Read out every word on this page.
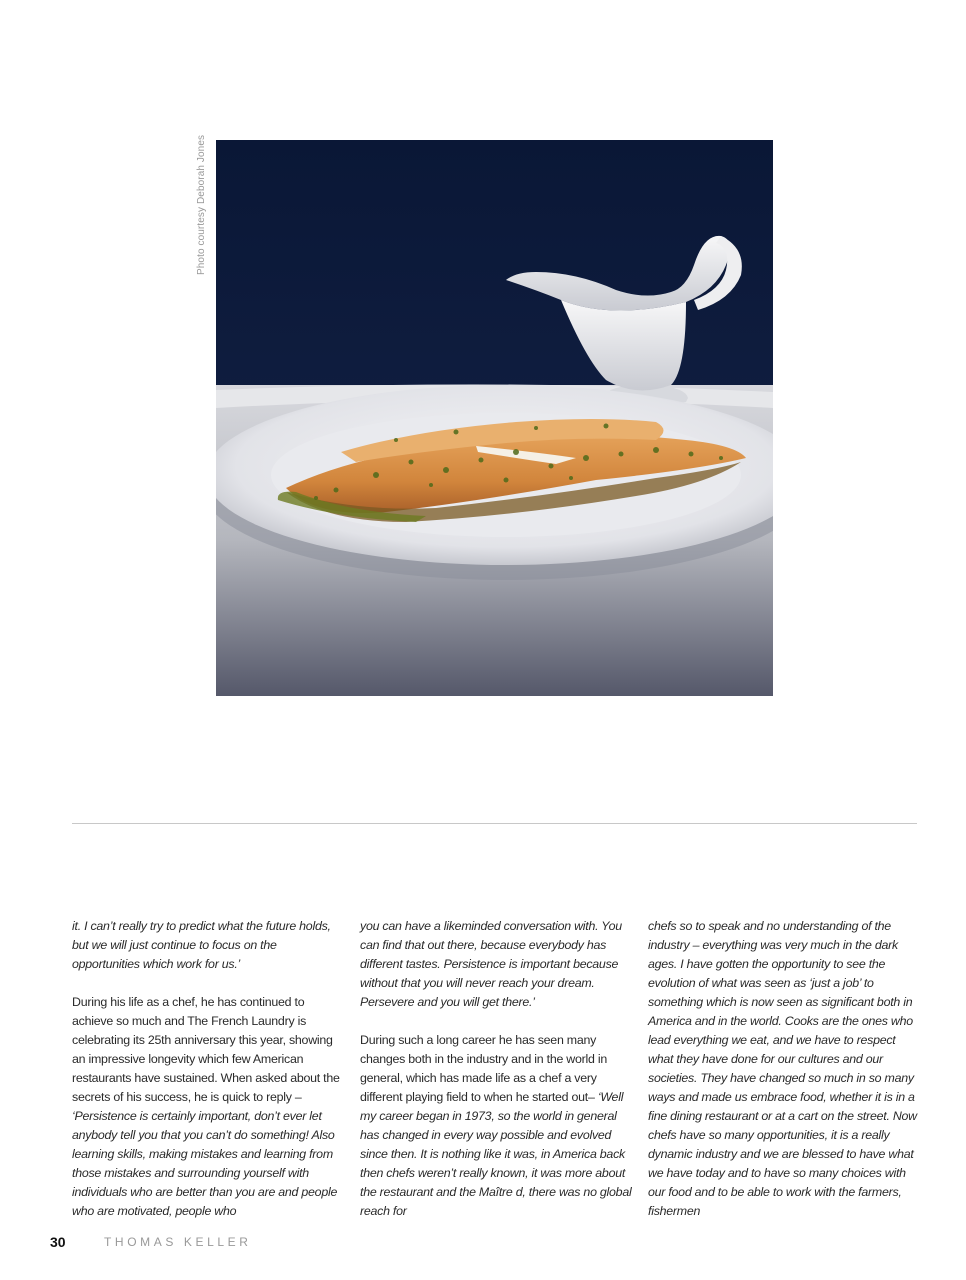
Photo courtesy Deborah Jones

it. I can’t really try to predict what the future holds, but we will just continue to focus on the opportunities which work for us.’

During his life as a chef, he has continued to achieve so much and The French Laundry is celebrating its 25th anniversary this year, showing an impressive longevity which few American restaurants have sustained. When asked about the secrets of his success, he is quick to reply – ‘Persistence is certainly important, don’t ever let anybody tell you that you can’t do something! Also learning skills, making mistakes and learning from those mistakes and surrounding yourself with individuals who are better than you are and people who are motivated, people who

you can have a likeminded conversation with. You can find that out there, because everybody has different tastes. Persistence is important because without that you will never reach your dream. Persevere and you will get there.’

During such a long career he has seen many changes both in the industry and in the world in general, which has made life as a chef a very different playing field to when he started out– ‘Well my career began in 1973, so the world in general has changed in every way possible and evolved since then. It is nothing like it was, in America back then chefs weren’t really known, it was more about the restaurant and the Maître d, there was no global reach for

chefs so to speak and no understanding of the industry – everything was very much in the dark ages. I have gotten the opportunity to see the evolution of what was seen as ‘just a job’ to something which is now seen as significant both in America and in the world. Cooks are the ones who lead everything we eat, and we have to respect what they have done for our cultures and our societies. They have changed so much in so many ways and made us embrace food, whether it is in a fine dining restaurant or at a cart on the street. Now chefs have so many opportunities, it is a really dynamic industry and we are blessed to have what we have today and to have so many choices with our food and to be able to work with the farmers, fishermen

30	THOMAS KELLER
